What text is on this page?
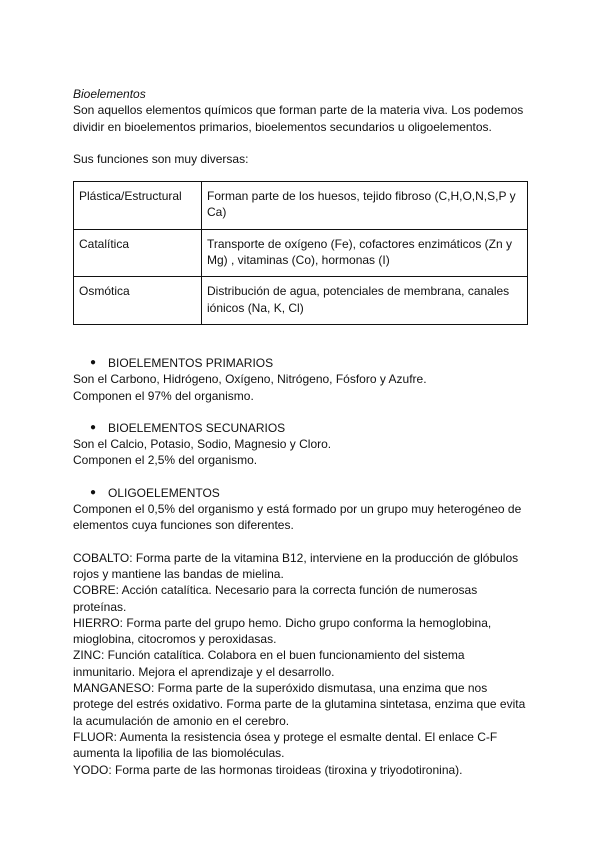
Bioelementos

Son aquellos elementos químicos que forman parte de la materia viva. Los podemos dividir en bioelementos primarios, bioelementos secundarios u oligoelementos.

Sus funciones son muy diversas:

Plástica/Estructural	Forman parte de los huesos, tejido fibroso (C,H,O,N,S,P y Ca)
Catalítica	Transporte de oxígeno (Fe), cofactores enzimáticos (Zn y Mg) , vitaminas (Co), hormonas (I)
Osmótica	Distribución de agua, potenciales de membrana, canales iónicos (Na, K, Cl)

● BIOELEMENTOS PRIMARIOS

Son el Carbono, Hidrógeno, Oxígeno, Nitrógeno, Fósforo y Azufre.

Componen el 97% del organismo.

● BIOELEMENTOS SECUNARIOS

Son el Calcio, Potasio, Sodio, Magnesio y Cloro.

Componen el 2,5% del organismo.

● OLIGOELEMENTOS

Componen el 0,5% del organismo y está formado por un grupo muy heterogéneo de elementos cuya funciones son diferentes.

COBALTO: Forma parte de la vitamina B12, interviene en la producción de glóbulos rojos y mantiene las bandas de mielina.

COBRE: Acción catalítica. Necesario para la correcta función de numerosas proteínas.

HIERRO: Forma parte del grupo hemo. Dicho grupo conforma la hemoglobina, mioglobina, citocromos y peroxidasas.

ZINC: Función catalítica. Colabora en el buen funcionamiento del sistema inmunitario. Mejora el aprendizaje y el desarrollo.

MANGANESO: Forma parte de la superóxido dismutasa, una enzima que nos protege del estrés oxidativo. Forma parte de la glutamina sintetasa, enzima que evita la acumulación de amonio en el cerebro.

FLUOR: Aumenta la resistencia ósea y protege el esmalte dental. El enlace C-F aumenta la lipofilia de las biomoléculas.

YODO: Forma parte de las hormonas tiroideas (tiroxina y triyodotironina).
